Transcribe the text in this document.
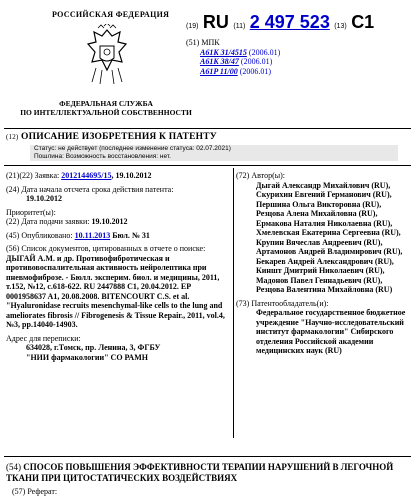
РОССИЙСКАЯ ФЕДЕРАЦИЯ
ФЕДЕРАЛЬНАЯ СЛУЖБА
ПО ИНТЕЛЛЕКТУАЛЬНОЙ СОБСТВЕННОСТИ
(19) RU (11) 2 497 523 (13) C1
(51) МПК
A61K 31/4515 (2006.01)
A61K 38/47 (2006.01)
A61P 11/00 (2006.01)
(12) ОПИСАНИЕ ИЗОБРЕТЕНИЯ К ПАТЕНТУ
Статус: не действует (последнее изменение статуса: 02.07.2021)
Пошлина: Возможность восстановления: нет.
(21)(22) Заявка: 2012144695/15, 19.10.2012
(24) Дата начала отсчета срока действия патента:
19.10.2012
Приоритет(ы):
(22) Дата подачи заявки: 19.10.2012
(45) Опубликовано: 10.11.2013 Бюл. № 31
(56) Список документов, цитированных в отчете о поиске: ДЫГАЙ А.М. и др. Противофибротическая и противовоспалительная активность нейролептика при пневмофиброзе. - Бюлл. эксперим. биол. и медицины, 2011, т.152, №12, с.618-622. RU 2447888 C1, 20.04.2012. EP 0001958637 A1, 20.08.2008. BITENCOURT C.S. et al. "Hyaluronidase recruits mesenchymal-like cells to the lung and ameliorates fibrosis // Fibrogenesis & Tissue Repair., 2011, vol.4, №3, pp.14040-14903.
Адрес для переписки:
634028, г.Томск, пр. Ленина, 3, ФГБУ
"НИИ фармакологии" СО РАМН
(72) Автор(ы):
Дыгай Александр Михайлович (RU),
Скурихин Евгений Германович (RU),
Першина Ольга Викторовна (RU),
Резцова Алена Михайловна (RU),
Ермакова Наталия Николаевна (RU),
Хмелевская Екатерина Сергеевна (RU),
Крупин Вячеслав Андреевич (RU),
Артамонов Андрей Владимирович (RU),
Бекарев Андрей Александрович (RU),
Киншт Дмитрий Николаевич (RU),
Мадонов Павел Геннадьевич (RU),
Резцова Валентина Михайловна (RU)
(73) Патентообладатель(и):
Федеральное государственное бюджетное учреждение "Научно-исследовательский институт фармакологии" Сибирского отделения Российской академии медицинских наук (RU)
(54) СПОСОБ ПОВЫШЕНИЯ ЭФФЕКТИВНОСТИ ТЕРАПИИ НАРУШЕНИЙ В ЛЕГОЧНОЙ ТКАНИ ПРИ ЦИТОСТАТИЧЕСКИХ ВОЗДЕЙСТВИЯХ
(57) Реферат:
